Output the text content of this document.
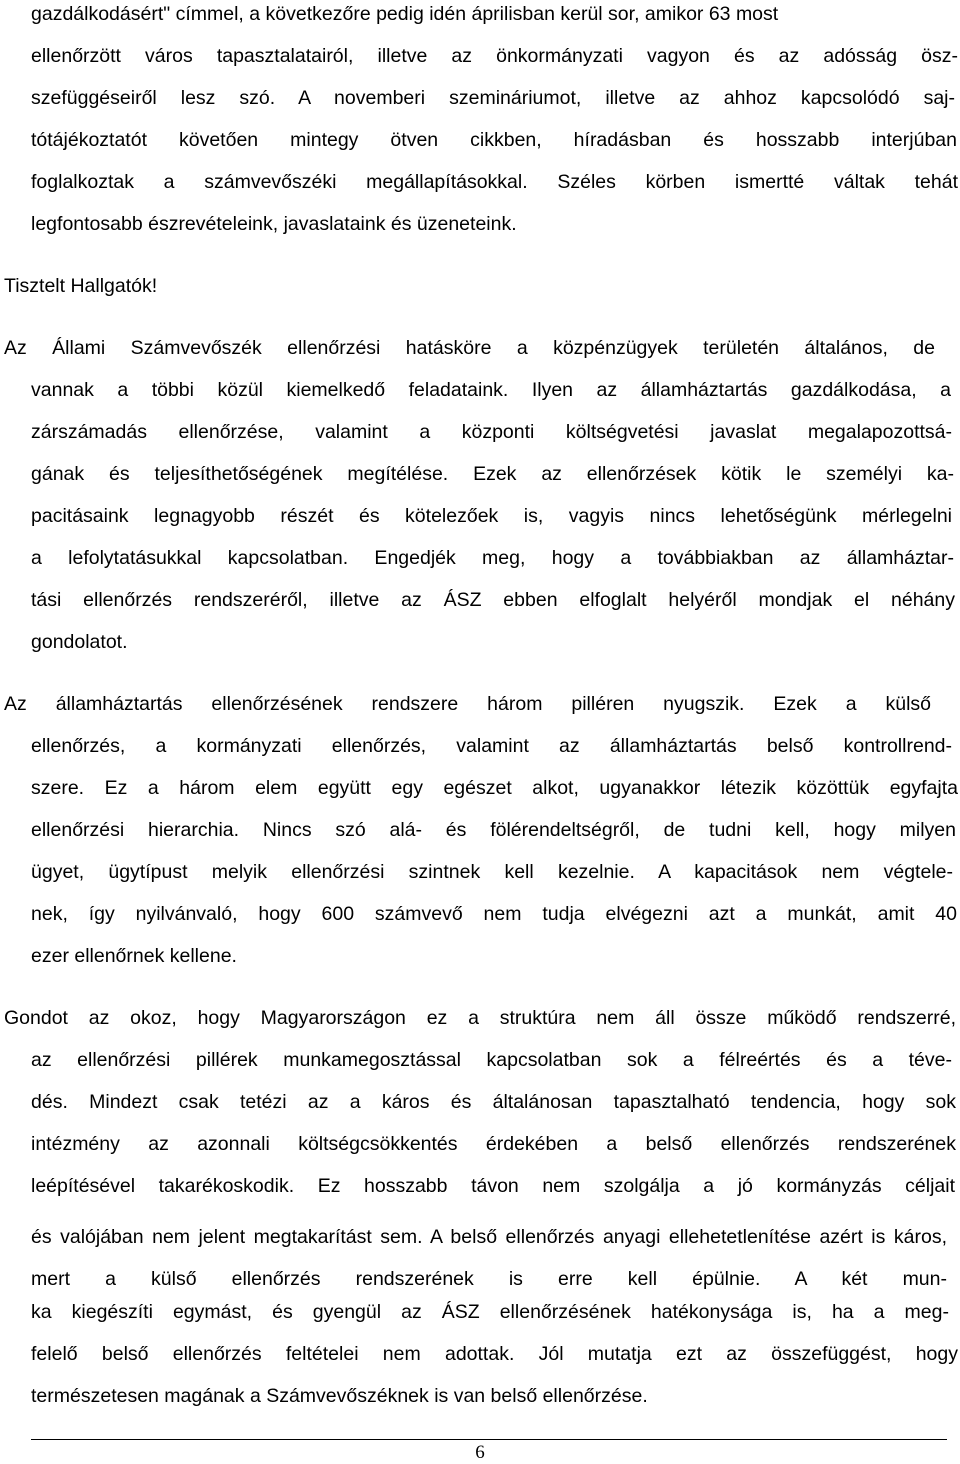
gazdálkodásért" címmel, a következőre pedig idén áprilisban kerül sor, amikor 63 most
ellenőrzött város tapasztalatairól, illetve az önkormányzati vagyon és az adósság ösz-
szefüggéseiről lesz szó. A novemberi szemináriumot, illetve az ahhoz kapcsolódó saj-
tótájékoztatót követően mintegy ötven cikkben, híradásban és hosszabb interjúban
foglalkoztak a számvevőszéki megállapításokkal. Széles körben ismertté váltak tehát
legfontosabb észrevételeink, javaslataink és üzeneteink.
Tisztelt Hallgatók!
Az Állami Számvevőszék ellenőrzési hatásköre a közpénzügyek területén általános, de
vannak a többi közül kiemelkedő feladataink. Ilyen az államháztartás gazdálkodása, a
zárszámadás ellenőrzése, valamint a központi költségvetési javaslat megalapozottsá-
gának és teljesíthetőségének megítélése. Ezek az ellenőrzések kötik le személyi ka-
pacitásaink legnagyobb részét és kötelezőek is, vagyis nincs lehetőségünk mérlegelni
a lefolytatásukkal kapcsolatban. Engedjék meg, hogy a továbbiakban az államháztar-
tási ellenőrzés rendszeréről, illetve az ÁSZ ebben elfoglalt helyéről mondjak el néhány
gondolatot.
Az államháztartás ellenőrzésének rendszere három pilléren nyugszik. Ezek a külső
ellenőrzés, a kormányzati ellenőrzés, valamint az államháztartás belső kontrollrend-
szere. Ez a három elem együtt egy egészet alkot, ugyanakkor létezik közöttük egyfajta
ellenőrzési hierarchia. Nincs szó alá- és fölérendeltségről, de tudni kell, hogy milyen
ügyet, ügytípust melyik ellenőrzési szintnek kell kezelnie. A kapacitások nem végtele-
nek, így nyilvánvaló, hogy 600 számvevő nem tudja elvégezni azt a munkát, amit 40
ezer ellenőrnek kellene.
Gondot az okoz, hogy Magyarországon ez a struktúra nem áll össze működő rendszerré,
az ellenőrzési pillérek munkamegosztással kapcsolatban sok a félreértés és a téve-
dés. Mindezt csak tetézi az a káros és általánosan tapasztalható tendencia, hogy sok
intézmény az azonnali költségcsökkentés érdekében a belső ellenőrzés rendszerének
leépítésével takarékoskodik. Ez hosszabb távon nem szolgálja a jó kormányzás céljait
és valójában nem jelent megtakarítást sem. A belső ellenőrzés anyagi ellehetetlenítése azért is káros, mert a külső ellenőrzés rendszerének is erre kell épülnie. A két mun-
ka kiegészíti egymást, és gyengül az ÁSZ ellenőrzésének hatékonysága is, ha a meg-
felelő belső ellenőrzés feltételei nem adottak. Jól mutatja ezt az összefüggést, hogy
természetesen magának a Számvevőszéknek is van belső ellenőrzése.
6
